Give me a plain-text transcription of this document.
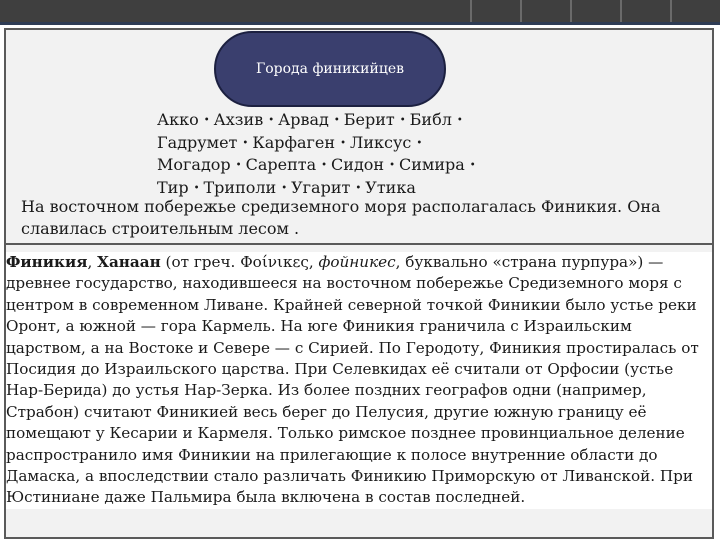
Города финикийцев
Акко • Ахзив • Арвад • Берит • Библ •
Гадрумет • Карфаген • Ликсус •
Могадор • Сарепта • Сидон • Симира •
Тир • Триполи • Угарит • Утика
На восточном побережье средиземного моря располагалась Финикия. Она славилась строительным лесом .
Финикия, Ханаан (от греч. Φοίνικες, фойникес, буквально «страна пурпура») — древнее государство, находившееся на восточном побережье Средиземного моря с центром в современном Ливане. Крайней северной точкой Финикии было устье реки Оронт, а южной — гора Кармель. На юге Финикия граничила с Израильским царством, а на Востоке и Севере — с Сирией. По Геродоту, Финикия простиралась от Посидия до Израильского царства. При Селевкидах её считали от Орфосии (устье Нар-Берида) до устья Нар-Зерка. Из более поздних географов одни (например, Страбон) считают Финикией весь берег до Пелусия, другие южную границу её помещают у Кесарии и Кармеля. Только римское позднее провинциальное деление распространило имя Финикии на прилегающие к полосе внутренние области до Дамаска, а впоследствии стало различать Финикию Приморскую от Ливанской. При Юстиниане даже Пальмира была включена в состав последней.
